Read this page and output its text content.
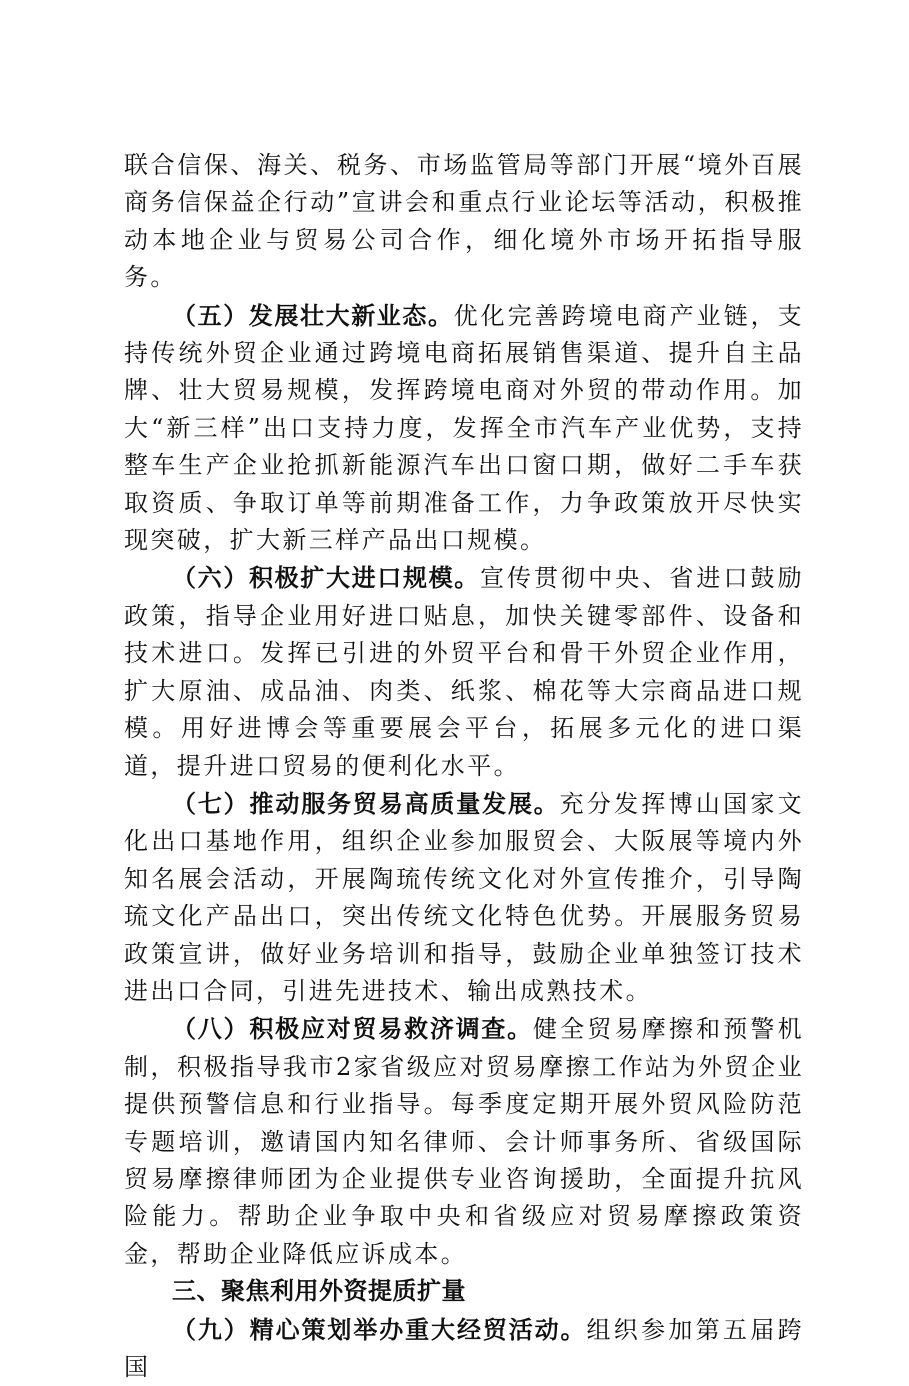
联合信保、海关、税务、市场监管局等部门开展“境外百展商务信保益企行动”宣讲会和重点行业论坛等活动，积极推动本地企业与贸易公司合作，细化境外市场开拓指导服务。

（五）发展壮大新业态。优化完善跨境电商产业链，支持传统外贸企业通过跨境电商拓展销售渠道、提升自主品牌、壮大贸易规模，发挥跨境电商对外贸的带动作用。加大“新三样”出口支持力度，发挥全市汽车产业优势，支持整车生产企业抢抓新能源汽车出口窗口期，做好二手车获取资质、争取订单等前期准备工作，力争政策放开尽快实现突破，扩大新三样产品出口规模。

（六）积极扩大进口规模。宣传贯彻中央、省进口鼓励政策，指导企业用好进口贴息，加快关键零部件、设备和技术进口。发挥已引进的外贸平台和骨干外贸企业作用，扩大原油、成品油、肉类、纸浆、棉花等大宗商品进口规模。用好进博会等重要展会平台，拓展多元化的进口渠道，提升进口贸易的便利化水平。

（七）推动服务贸易高质量发展。充分发挥博山国家文化出口基地作用，组织企业参加服贸会、大阪展等境内外知名展会活动，开展陶琉传统文化对外宣传推介，引导陶琉文化产品出口，突出传统文化特色优势。开展服务贸易政策宣讲，做好业务培训和指导，鼓励企业单独签订技术进出口合同，引进先进技术、输出成熟技术。

（八）积极应对贸易救济调查。健全贸易摩擦和预警机制，积极指导我市2家省级应对贸易摩擦工作站为外贸企业提供预警信息和行业指导。每季度定期开展外贸风险防范专题培训，邀请国内知名律师、会计师事务所、省级国际贸易摩擦律师团为企业提供专业咨询援助，全面提升抗风险能力。帮助企业争取中央和省级应对贸易摩擦政策资金，帮助企业降低应诉成本。

三、聚焦利用外资提质扩量

（九）精心策划举办重大经贸活动。组织参加第五届跨国
